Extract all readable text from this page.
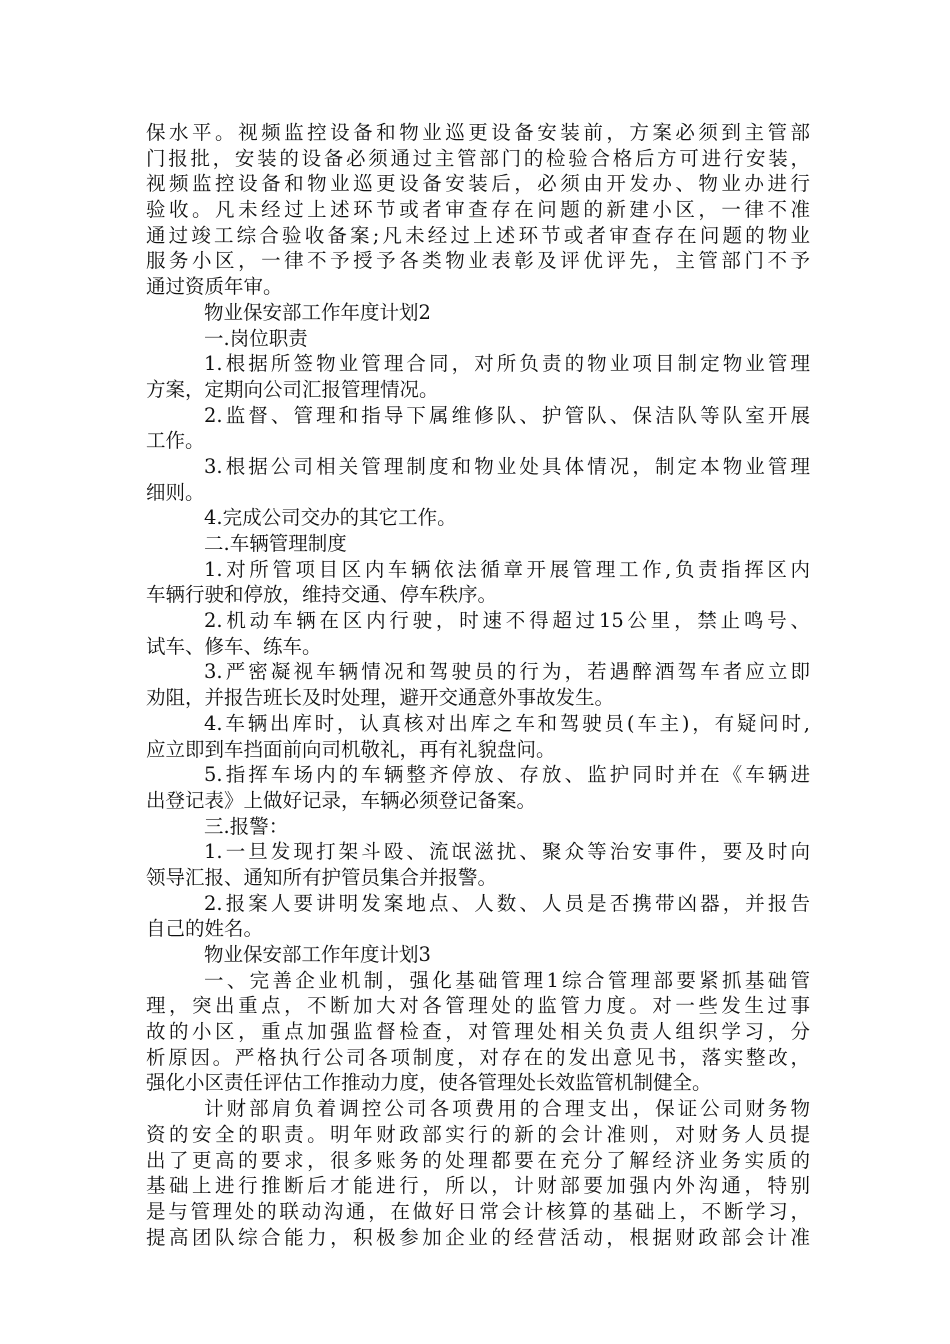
保水平。视频监控设备和物业巡更设备安装前，方案必须到主管部
门报批，安装的设备必须通过主管部门的检验合格后方可进行安装，
视频监控设备和物业巡更设备安装后，必须由开发办、物业办进行
验收。凡未经过上述环节或者审查存在问题的新建小区，一律不准
通过竣工综合验收备案;凡未经过上述环节或者审查存在问题的物业
服务小区，一律不予授予各类物业表彰及评优评先，主管部门不予
通过资质年审。
物业保安部工作年度计划2
一.岗位职责
1.根据所签物业管理合同，对所负责的物业项目制定物业管理
方案，定期向公司汇报管理情况。
2.监督、管理和指导下属维修队、护管队、保洁队等队室开展
工作。
3.根据公司相关管理制度和物业处具体情况，制定本物业管理
细则。
4.完成公司交办的其它工作。
二.车辆管理制度
1.对所管项目区内车辆依法循章开展管理工作,负责指挥区内
车辆行驶和停放，维持交通、停车秩序。
2.机动车辆在区内行驶，时速不得超过15公里，禁止鸣号、
试车、修车、练车。
3.严密凝视车辆情况和驾驶员的行为，若遇醉酒驾车者应立即
劝阻，并报告班长及时处理，避开交通意外事故发生。
4.车辆出库时，认真核对出库之车和驾驶员(车主)，有疑问时,
应立即到车挡面前向司机敬礼，再有礼貌盘问。
5.指挥车场内的车辆整齐停放、存放、监护同时并在《车辆进
出登记表》上做好记录，车辆必须登记备案。
三.报警：
1.一旦发现打架斗殴、流氓滋扰、聚众等治安事件，要及时向
领导汇报、通知所有护管员集合并报警。
2.报案人要讲明发案地点、人数、人员是否携带凶器，并报告
自己的姓名。
物业保安部工作年度计划3
一、完善企业机制，强化基础管理1综合管理部要紧抓基础管
理，突出重点，不断加大对各管理处的监管力度。对一些发生过事
故的小区，重点加强监督检查，对管理处相关负责人组织学习，分
析原因。严格执行公司各项制度，对存在的发出意见书，落实整改，
强化小区责任评估工作推动力度，使各管理处长效监管机制健全。
计财部肩负着调控公司各项费用的合理支出，保证公司财务物
资的安全的职责。明年财政部实行的新的会计准则，对财务人员提
出了更高的要求，很多账务的处理都要在充分了解经济业务实质的
基础上进行推断后才能进行，所以，计财部要加强内外沟通，特别
是与管理处的联动沟通，在做好日常会计核算的基础上，不断学习，
提高团队综合能力，积极参加企业的经营活动，根据财政部会计准
